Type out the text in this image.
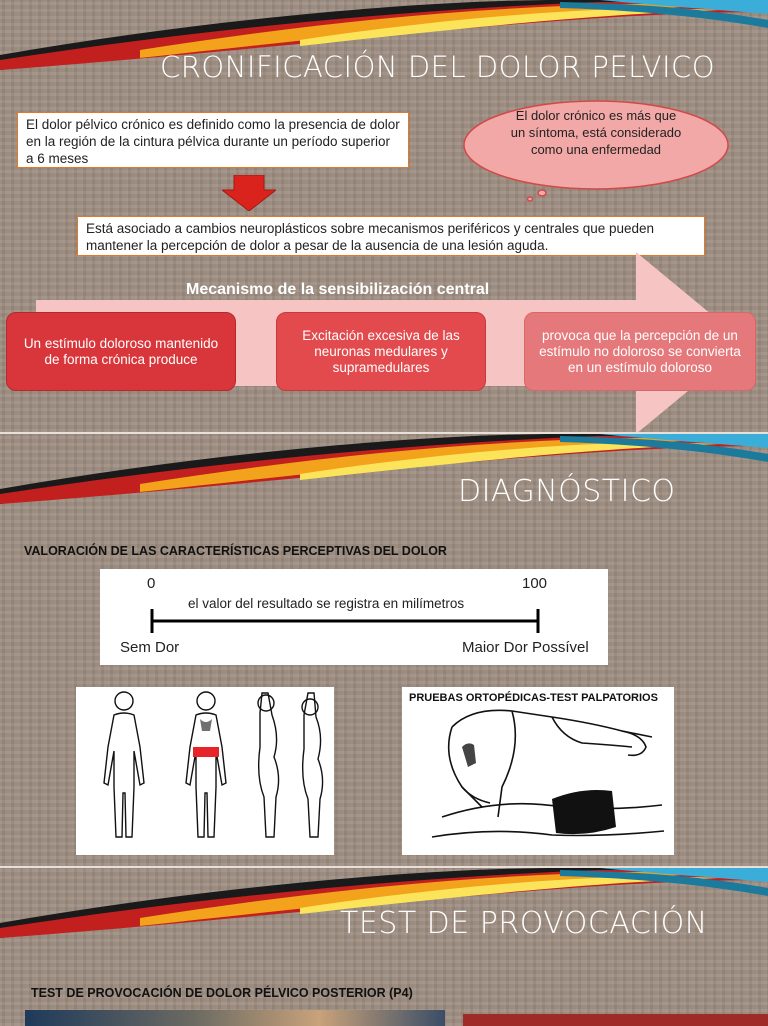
CRONIFICACIÓN DEL DOLOR PELVICO
El dolor pélvico crónico es definido como la presencia de dolor en la región de la cintura pélvica durante un período superior a 6 meses
El dolor crónico es más que un síntoma, está considerado como una enfermedad
Está asociado a cambios neuroplásticos sobre mecanismos periféricos y centrales que pueden mantener la percepción de dolor a pesar de la ausencia de una lesión aguda.
Mecanismo de la sensibilización central
Un estímulo doloroso mantenido de forma crónica produce
Excitación excesiva de las neuronas medulares y supramedulares
provoca que la percepción de un estímulo no doloroso se convierta en un estímulo doloroso
DIAGNÓSTICO
VALORACIÓN DE LAS CARACTERÍSTICAS PERCEPTIVAS DEL DOLOR
0	100
el valor del resultado se registra en milímetros
Sem Dor	Maior Dor Possível
PRUEBAS ORTOPÉDICAS-TEST PALPATORIOS
TEST DE PROVOCACIÓN
TEST DE PROVOCACIÓN DE DOLOR PÉLVICO POSTERIOR (P4)
